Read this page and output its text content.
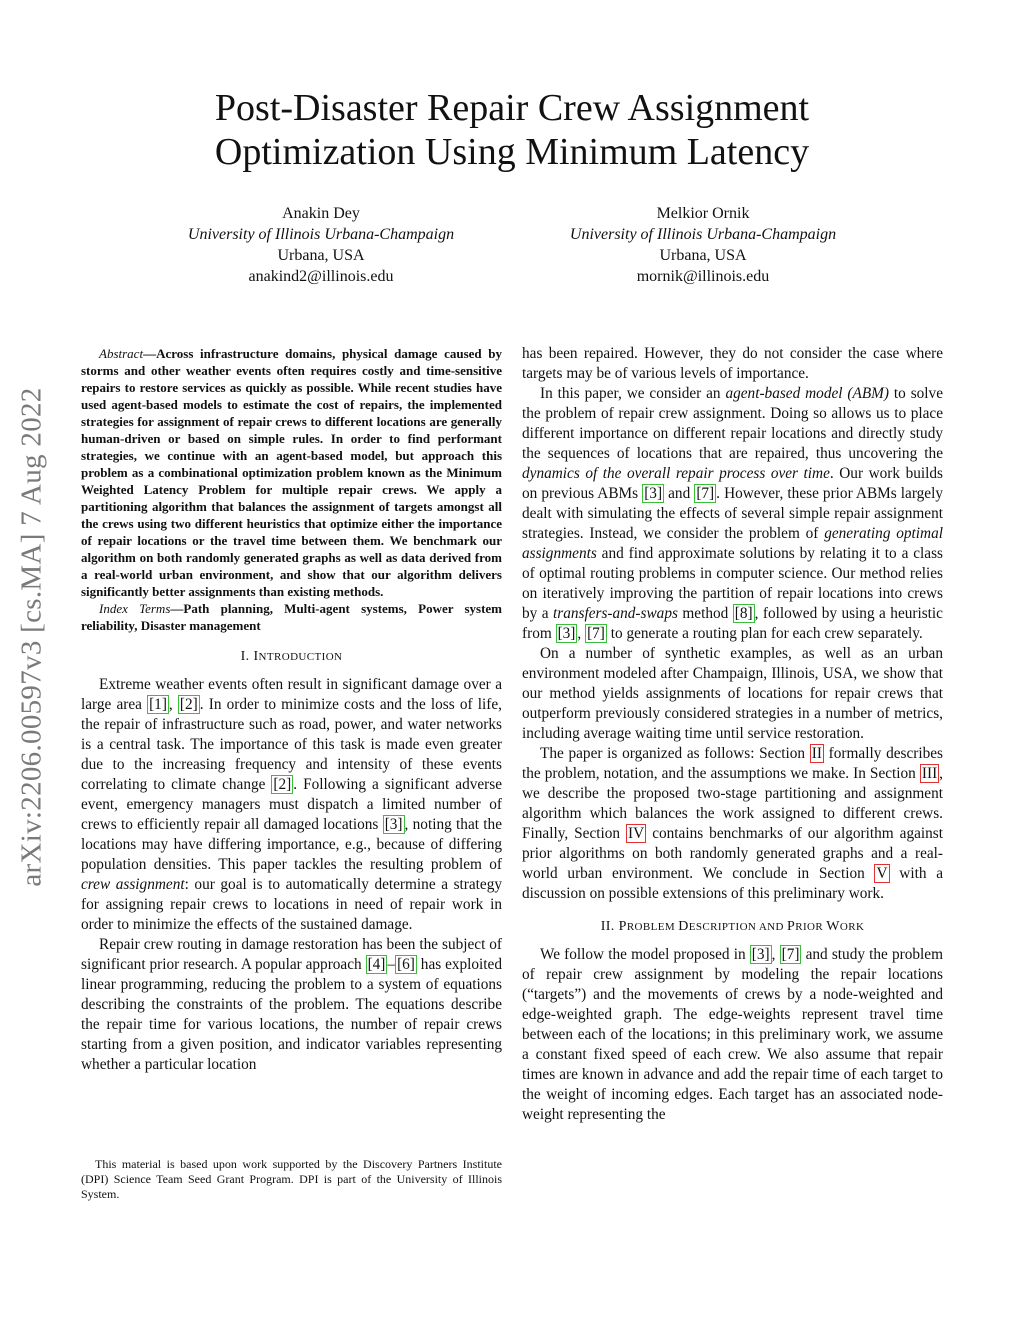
arXiv:2206.00597v3 [cs.MA] 7 Aug 2022
Post-Disaster Repair Crew Assignment
Optimization Using Minimum Latency
Anakin Dey
University of Illinois Urbana-Champaign
Urbana, USA
anakind2@illinois.edu
Melkior Ornik
University of Illinois Urbana-Champaign
Urbana, USA
mornik@illinois.edu

Abstract—Across infrastructure domains, physical damage caused by storms and other weather events often requires costly and time-sensitive repairs to restore services as quickly as possible. While recent studies have used agent-based models to estimate the cost of repairs, the implemented strategies for assignment of repair crews to different locations are generally human-driven or based on simple rules. In order to find performant strategies, we continue with an agent-based model, but approach this problem as a combinational optimization problem known as the Minimum Weighted Latency Problem for multiple repair crews. We apply a partitioning algorithm that balances the assignment of targets amongst all the crews using two different heuristics that optimize either the importance of repair locations or the travel time between them. We benchmark our algorithm on both randomly generated graphs as well as data derived from a real-world urban environment, and show that our algorithm delivers significantly better assignments than existing methods.

Index Terms—Path planning, Multi-agent systems, Power system reliability, Disaster management

I. INTRODUCTION

Extreme weather events often result in significant damage over a large area [1] , [2] . In order to minimize costs and the loss of life, the repair of infrastructure such as road, power, and water networks is a central task. The importance of this task is made even greater due to the increasing frequency and intensity of these events correlating to climate change [2] . Following a significant adverse event, emergency managers must dispatch a limited number of crews to efficiently repair all damaged locations [3] , noting that the locations may have differing importance, e.g., because of differing population densities. This paper tackles the resulting problem of crew assignment: our goal is to automatically determine a strategy for assigning repair crews to locations in need of repair work in order to minimize the effects of the sustained damage.

Repair crew routing in damage restoration has been the subject of significant prior research. A popular approach [4] – [6] has exploited linear programming, reducing the problem to a system of equations describing the constraints of the problem. The equations describe the repair time for various locations, the number of repair crews starting from a given position, and indicator variables representing whether a particular location

This material is based upon work supported by the Discovery Partners Institute (DPI) Science Team Seed Grant Program. DPI is part of the University of Illinois System.

has been repaired. However, they do not consider the case where targets may be of various levels of importance.

In this paper, we consider an agent-based model (ABM) to solve the problem of repair crew assignment. Doing so allows us to place different importance on different repair locations and directly study the sequences of locations that are repaired, thus uncovering the dynamics of the overall repair process over time. Our work builds on previous ABMs [3] and [7] . However, these prior ABMs largely dealt with simulating the effects of several simple repair assignment strategies. Instead, we consider the problem of generating optimal assignments and find approximate solutions by relating it to a class of optimal routing problems in computer science. Our method relies on iteratively improving the partition of repair locations into crews by a transfers-and-swaps method [8] , followed by using a heuristic from [3] , [7] to generate a routing plan for each crew separately.

On a number of synthetic examples, as well as an urban environment modeled after Champaign, Illinois, USA, we show that our method yields assignments of locations for repair crews that outperform previously considered strategies in a number of metrics, including average waiting time until service restoration.

The paper is organized as follows: Section II formally describes the problem, notation, and the assumptions we make. In Section III , we describe the proposed two-stage partitioning and assignment algorithm which balances the work assigned to different crews. Finally, Section IV contains benchmarks of our algorithm against prior algorithms on both randomly generated graphs and a real-world urban environment. We conclude in Section V with a discussion on possible extensions of this preliminary work.

II. PROBLEM DESCRIPTION AND PRIOR WORK

We follow the model proposed in [3] , [7] and study the problem of repair crew assignment by modeling the repair locations (“targets”) and the movements of crews by a node-weighted and edge-weighted graph. The edge-weights represent travel time between each of the locations; in this preliminary work, we assume a constant fixed speed of each crew. We also assume that repair times are known in advance and add the repair time of each target to the weight of incoming edges. Each target has an associated node-weight representing the
